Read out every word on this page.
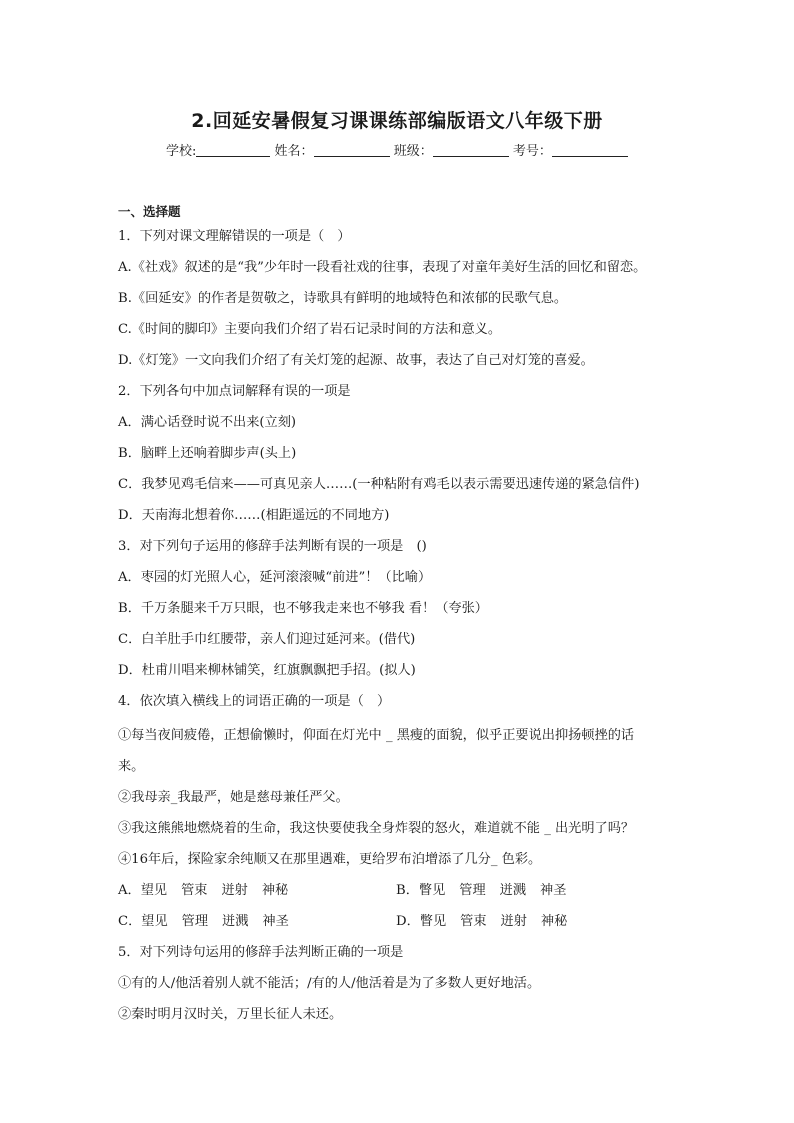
2.回延安暑假复习课课练部编版语文八年级下册
学校:	姓名：	班级：	考号：
一、选择题
1．下列对课文理解错误的一项是（　）
A.《社戏》叙述的是“我”少年时一段看社戏的往事，表现了对童年美好生活的回忆和留恋。
B.《回延安》的作者是贺敬之，诗歌具有鲜明的地域特色和浓郁的民歌气息。
C.《时间的脚印》主要向我们介绍了岩石记录时间的方法和意义。
D.《灯笼》一文向我们介绍了有关灯笼的起源、故事，表达了自己对灯笼的喜爱。
2．下列各句中加点词解释有误的一项是
A．满心话登时说不出来(立刻)
B．脑畔上还响着脚步声(头上)
C．我梦见鸡毛信来——可真见亲人……(一种粘附有鸡毛以表示需要迅速传递的紧急信件)
D．天南海北想着你……(相距遥远的不同地方)
3．对下列句子运用的修辞手法判断有误的一项是　()
A．枣园的灯光照人心，延河滚滚喊“前进”！（比喻）
B．千万条腿来千万只眼，也不够我走来也不够我 看！（夸张）
C．白羊肚手巾红腰带，亲人们迎过延河来。(借代)
D．杜甫川唱来柳林铺笑，红旗飘飘把手招。(拟人)
4．依次填入横线上的词语正确的一项是（　）
①每当夜间疲倦，正想偷懒时，仰面在灯光中 _ 黑瘦的面貌，似乎正要说出抑扬顿挫的话
来。
②我母亲_我最严，她是慈母兼任严父。
③我这熊熊地燃烧着的生命，我这快要使我全身炸裂的怒火，难道就不能 _ 出光明了吗？
④16年后，探险家余纯顺又在那里遇难，更给罗布泊增添了几分_ 色彩。
A．望见 管束 迸射 神秘	B．瞥见 管理 迸溅 神圣
C．望见 管理 迸溅 神圣	D．瞥见 管束 迸射 神秘
5．对下列诗句运用的修辞手法判断正确的一项是
①有的人/他活着别人就不能活；/有的人/他活着是为了多数人更好地活。
②秦时明月汉时关，万里长征人未还。
